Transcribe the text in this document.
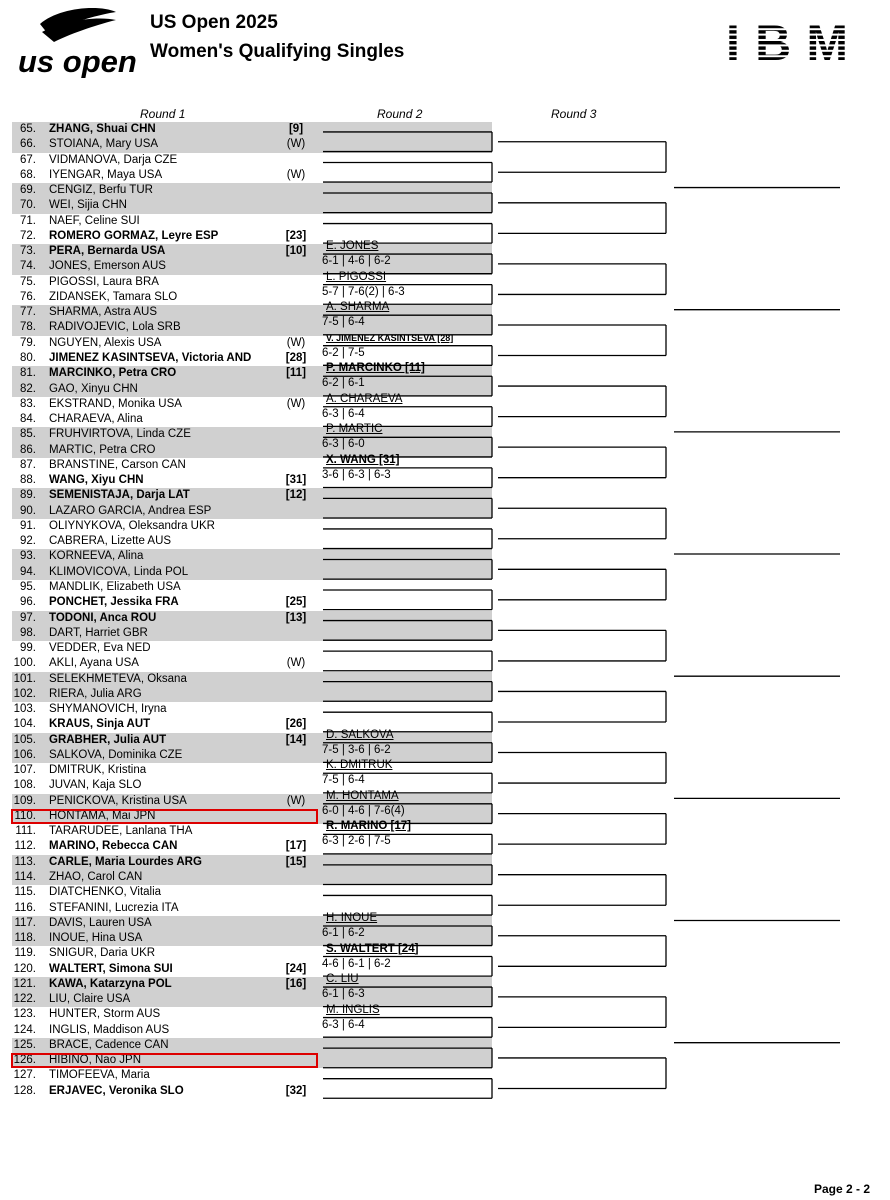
us open
US Open 2025
Women's Qualifying Singles	IBM
Round 1	Round 2	Round 3
65. ZHANG, Shuai CHN	[9]
66. STOIANA, Mary USA	(W)
67. VIDMANOVA, Darja CZE
68. IYENGAR, Maya USA	(W)
69. CENGIZ, Berfu TUR
70. WEI, Sijia CHN
71. NAEF, Celine SUI
72. ROMERO GORMAZ, Leyre ESP	[23]
73. PERA, Bernarda USA	[10]
74. JONES, Emerson AUS
75. PIGOSSI, Laura BRA
76. ZIDANSEK, Tamara SLO
77. SHARMA, Astra AUS
78. RADIVOJEVIC, Lola SRB
79. NGUYEN, Alexis USA	(W)
80. JIMENEZ KASINTSEVA, Victoria AND	[28]
81. MARCINKO, Petra CRO	[11]
82. GAO, Xinyu CHN
83. EKSTRAND, Monika USA	(W)
84. CHARAEVA, Alina
85. FRUHVIRTOVA, Linda CZE
86. MARTIC, Petra CRO
87. BRANSTINE, Carson CAN
88. WANG, Xiyu CHN	[31]
89. SEMENISTAJA, Darja LAT	[12]
90. LAZARO GARCIA, Andrea ESP
91. OLIYNYKOVA, Oleksandra UKR
92. CABRERA, Lizette AUS
93. KORNEEVA, Alina
94. KLIMOVICOVA, Linda POL
95. MANDLIK, Elizabeth USA
96. PONCHET, Jessika FRA	[25]
97. TODONI, Anca ROU	[13]
98. DART, Harriet GBR
99. VEDDER, Eva NED
100. AKLI, Ayana USA	(W)
101. SELEKHMETEVA, Oksana
102. RIERA, Julia ARG
103. SHYMANOVICH, Iryna
104. KRAUS, Sinja AUT	[26]
105. GRABHER, Julia AUT	[14]
106. SALKOVA, Dominika CZE
107. DMITRUK, Kristina
108. JUVAN, Kaja SLO
109. PENICKOVA, Kristina USA	(W)
110. HONTAMA, Mai JPN
111. TARARUDEE, Lanlana THA
112. MARINO, Rebecca CAN	[17]
113. CARLE, Maria Lourdes ARG	[15]
114. ZHAO, Carol CAN
115. DIATCHENKO, Vitalia
116. STEFANINI, Lucrezia ITA
117. DAVIS, Lauren USA
118. INOUE, Hina USA
119. SNIGUR, Daria UKR
120. WALTERT, Simona SUI	[24]
121. KAWA, Katarzyna POL	[16]
122. LIU, Claire USA
123. HUNTER, Storm AUS
124. INGLIS, Maddison AUS
125. BRACE, Cadence CAN
126. HIBINO, Nao JPN
127. TIMOFEEVA, Maria
128. ERJAVEC, Veronika SLO	[32]
E. JONES
6-1 | 4-6 | 6-2
L. PIGOSSI
5-7 | 7-6(2) | 6-3
A. SHARMA
7-5 | 6-4
V. JIMENEZ KASINTSEVA [28]
6-2 | 7-5
P. MARCINKO [11]
6-2 | 6-1
A. CHARAEVA
6-3 | 6-4
P. MARTIC
6-3 | 6-0
X. WANG [31]
3-6 | 6-3 | 6-3
D. SALKOVA
7-5 | 3-6 | 6-2
K. DMITRUK
7-5 | 6-4
M. HONTAMA
6-0 | 4-6 | 7-6(4)
R. MARINO [17]
6-3 | 2-6 | 7-5
H. INOUE
6-1 | 6-2
S. WALTERT [24]
4-6 | 6-1 | 6-2
C. LIU
6-1 | 6-3
M. INGLIS
6-3 | 6-4
Page 2 - 2
